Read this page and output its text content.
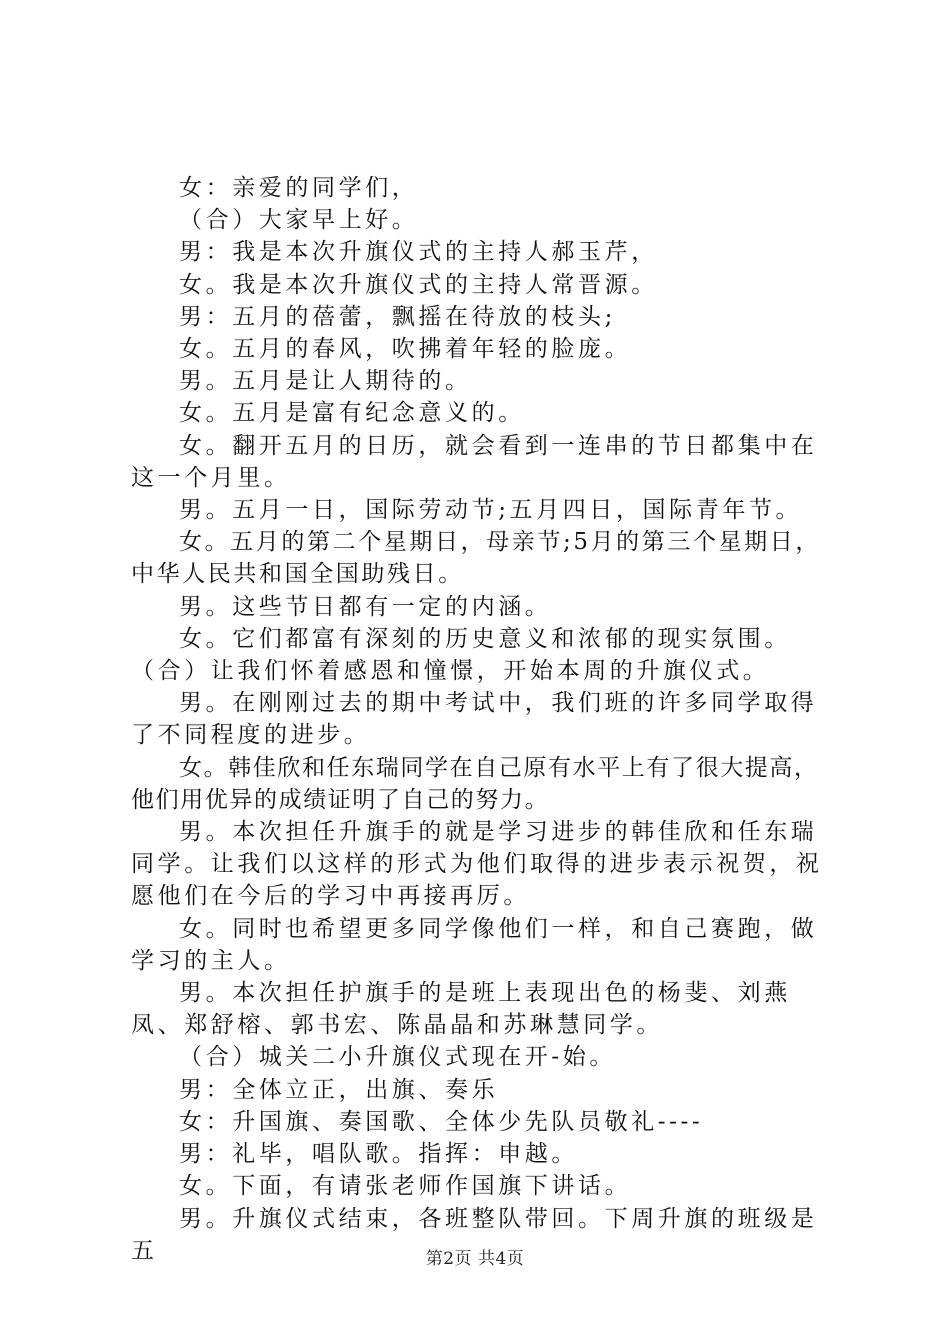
女：亲爱的同学们，

（合）大家早上好。

男：我是本次升旗仪式的主持人郝玉芹，

女。我是本次升旗仪式的主持人常晋源。

男：五月的蓓蕾，飘摇在待放的枝头;

女。五月的春风，吹拂着年轻的脸庞。

男。五月是让人期待的。

女。五月是富有纪念意义的。

女。翻开五月的日历，就会看到一连串的节日都集中在这一个月里。

男。五月一日，国际劳动节;五月四日，国际青年节。

女。五月的第二个星期日，母亲节;5月的第三个星期日，中华人民共和国全国助残日。

男。这些节日都有一定的内涵。

女。它们都富有深刻的历史意义和浓郁的现实氛围。（合）让我们怀着感恩和憧憬，开始本周的升旗仪式。

男。在刚刚过去的期中考试中，我们班的许多同学取得了不同程度的进步。

女。韩佳欣和任东瑞同学在自己原有水平上有了很大提高，他们用优异的成绩证明了自己的努力。

男。本次担任升旗手的就是学习进步的韩佳欣和任东瑞同学。让我们以这样的形式为他们取得的进步表示祝贺，祝愿他们在今后的学习中再接再厉。

女。同时也希望更多同学像他们一样，和自己赛跑，做学习的主人。

男。本次担任护旗手的是班上表现出色的杨斐、刘燕凤、郑舒榕、郭书宏、陈晶晶和苏琳慧同学。

（合）城关二小升旗仪式现在开-始。

男：全体立正，出旗、奏乐

女：升国旗、奏国歌、全体少先队员敬礼----

男：礼毕，唱队歌。指挥：申越。

女。下面，有请张老师作国旗下讲话。

男。升旗仪式结束，各班整队带回。下周升旗的班级是五	第2页 共4页
